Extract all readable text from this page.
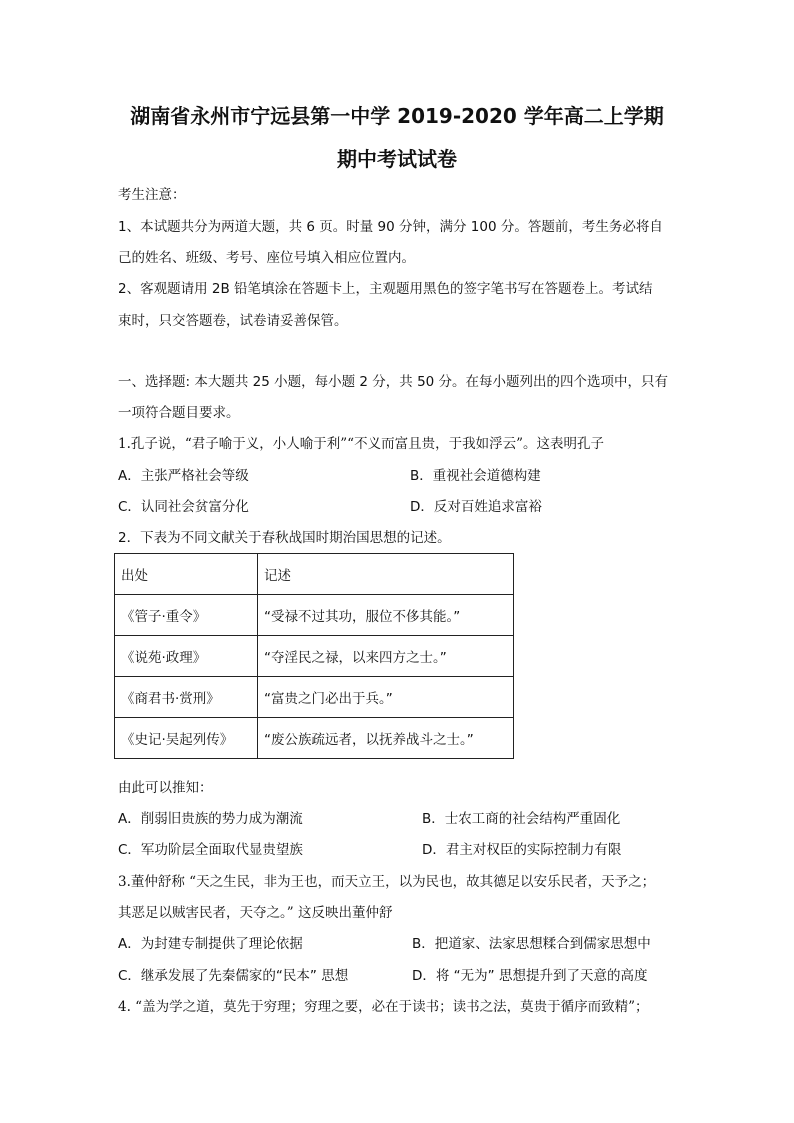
湖南省永州市宁远县第一中学 2019-2020 学年高二上学期
期中考试试卷
考生注意：
1、本试题共分为两道大题，共 6 页。时量 90 分钟，满分 100 分。答题前，考生务必将自
己的姓名、班级、考号、座位号填入相应位置内。
2、客观题请用 2B 铅笔填涂在答题卡上，主观题用黑色的签字笔书写在答题卷上。考试结
束时，只交答题卷，试卷请妥善保管。
一、选择题: 本大题共 25 小题，每小题 2 分，共 50 分。在每小题列出的四个选项中，只有
一项符合题目要求。
1.孔子说，“君子喻于义，小人喻于利”“不义而富且贵，于我如浮云”。这表明孔子
A．主张严格社会等级	B．重视社会道德构建
C．认同社会贫富分化	D．反对百姓追求富裕
2．下表为不同文献关于春秋战国时期治国思想的记述。
出处	记述
《管子·重令》	“受禄不过其功，服位不侈其能。”
《说苑·政理》	“夺淫民之禄，以来四方之士。”
《商君书·赏刑》	“富贵之门必出于兵。”
《史记·吴起列传》	“废公族疏远者，以抚养战斗之士。”
由此可以推知：
A．削弱旧贵族的势力成为潮流	B．士农工商的社会结构严重固化
C．军功阶层全面取代显贵望族	D．君主对权臣的实际控制力有限
3.董仲舒称 “天之生民，非为王也，而天立王，以为民也，故其德足以安乐民者，天予之；
其恶足以贼害民者，天夺之。” 这反映出董仲舒
A．为封建专制提供了理论依据	B．把道家、法家思想糅合到儒家思想中
C．继承发展了先秦儒家的“民本” 思想	D．将 “无为” 思想提升到了天意的高度
4. “盖为学之道，莫先于穷理；穷理之要，必在于读书；读书之法，莫贵于循序而致精”；
